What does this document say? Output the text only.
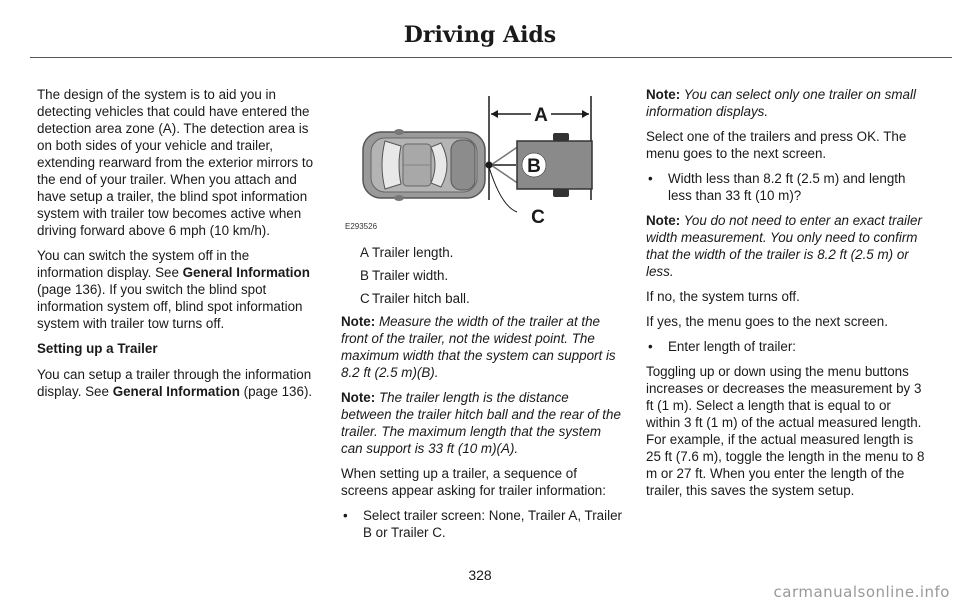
Driving Aids

The design of the system is to aid you in detecting vehicles that could have entered the detection area zone (A). The detection area is on both sides of your vehicle and trailer, extending rearward from the exterior mirrors to the end of your trailer. When you attach and have setup a trailer, the blind spot information system with trailer tow becomes active when driving forward above 6 mph (10 km/h).

You can switch the system off in the information display. See General Information (page 136). If you switch the blind spot information system off, blind spot information system with trailer tow turns off.

Setting up a Trailer

You can setup a trailer through the information display. See General Information (page 136).

A
B
C
E293526
A Trailer length.
B Trailer width.
C Trailer hitch ball.

Note: Measure the width of the trailer at the front of the trailer, not the widest point. The maximum width that the system can support is 8.2 ft (2.5 m)(B).

Note: The trailer length is the distance between the trailer hitch ball and the rear of the trailer. The maximum length that the system can support is 33 ft (10 m)(A).

When setting up a trailer, a sequence of screens appear asking for trailer information:

• Select trailer screen: None, Trailer A, Trailer B or Trailer C.

Note: You can select only one trailer on small information displays.

Select one of the trailers and press OK. The menu goes to the next screen.

• Width less than 8.2 ft (2.5 m) and length less than 33 ft (10 m)?

Note: You do not need to enter an exact trailer width measurement. You only need to confirm that the width of the trailer is 8.2 ft (2.5 m) or less.

If no, the system turns off.

If yes, the menu goes to the next screen.

• Enter length of trailer:

Toggling up or down using the menu buttons increases or decreases the measurement by 3 ft (1 m). Select a length that is equal to or within 3 ft (1 m) of the actual measured length. For example, if the actual measured length is 25 ft (7.6 m), toggle the length in the menu to 8 m or 27 ft. When you enter the length of the trailer, this saves the system setup.

328
carmanualsonline.info
